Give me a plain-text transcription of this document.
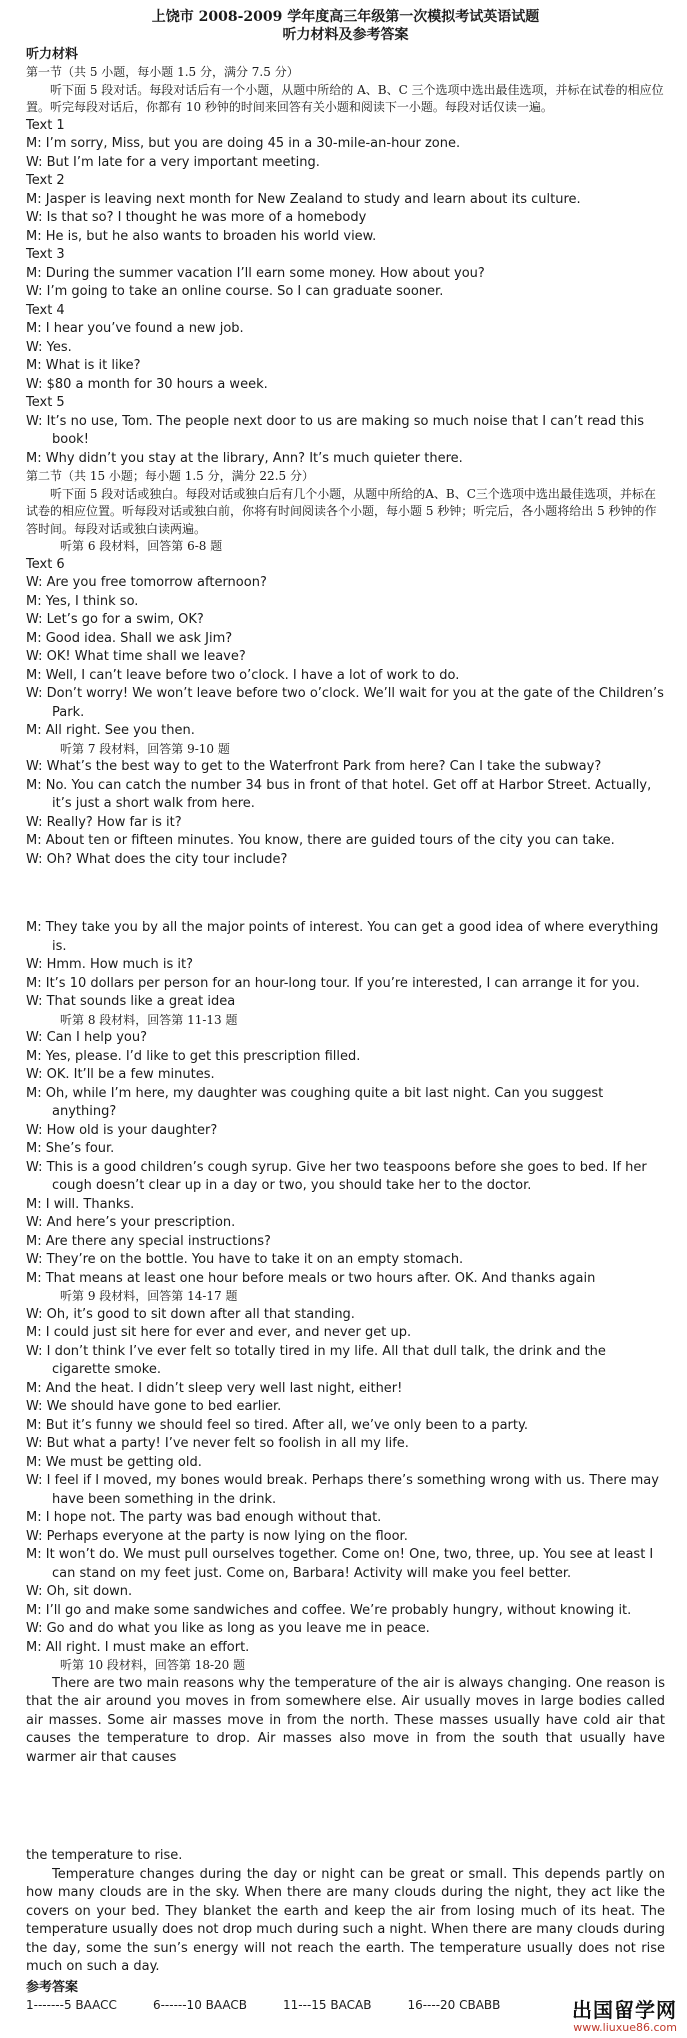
上饶市 2008-2009 学年度高三年级第一次模拟考试英语试题

听力材料及参考答案

听力材料

第一节（共 5 小题，每小题 1.5 分，满分 7.5 分）

听下面 5 段对话。每段对话后有一个小题，从题中所给的 A、B、C 三个选项中选出最佳选项，并标在试卷的相应位置。听完每段对话后，你都有 10 秒钟的时间来回答有关小题和阅读下一小题。每段对话仅读一遍。

Text 1

M: I’m sorry, Miss, but you are doing 45 in a 30-mile-an-hour zone.

W: But I’m late for a very important meeting.

Text 2

M: Jasper is leaving next month for New Zealand to study and learn about its culture.

W: Is that so? I thought he was more of a homebody

M: He is, but he also wants to broaden his world view.

Text 3

M: During the summer vacation I’ll earn some money. How about you?

W: I’m going to take an online course. So I can graduate sooner.

Text 4

M: I hear you’ve found a new job.

W: Yes.

M: What is it like?

W: $80 a month for 30 hours a week.

Text 5

W: It’s no use, Tom. The people next door to us are making so much noise that I can’t read this book!

M: Why didn’t you stay at the library, Ann? It’s much quieter there.

第二节（共 15 小题；每小题 1.5 分，满分 22.5 分）

听下面 5 段对话或独白。每段对话或独白后有几个小题，从题中所给的A、B、C三个选项中选出最佳选项，并标在试卷的相应位置。听每段对话或独白前，你将有时间阅读各个小题，每小题 5 秒钟；听完后，各小题将给出 5 秒钟的作答时间。每段对话或独白读两遍。

听第 6 段材料，回答第 6-8 题

Text 6

W: Are you free tomorrow afternoon?

M: Yes, I think so.

W: Let’s go for a swim, OK?

M: Good idea. Shall we ask Jim?

W: OK! What time shall we leave?

M: Well, I can’t leave before two o’clock. I have a lot of work to do.

W: Don’t worry! We won’t leave before two o’clock. We’ll wait for you at the gate of the Children’s Park.

M: All right. See you then.

听第 7 段材料，回答第 9-10 题

W: What’s the best way to get to the Waterfront Park from here? Can I take the subway?

M: No. You can catch the number 34 bus in front of that hotel. Get off at Harbor Street. Actually, it’s just a short walk from here.

W: Really? How far is it?

M: About ten or fifteen minutes. You know, there are guided tours of the city you can take.

W: Oh? What does the city tour include?

M: They take you by all the major points of interest. You can get a good idea of where everything is.

W: Hmm. How much is it?

M: It’s 10 dollars per person for an hour-long tour. If you’re interested, I can arrange it for you.

W: That sounds like a great idea

听第 8 段材料，回答第 11-13 题

W: Can I help you?

M: Yes, please. I’d like to get this prescription filled.

W: OK. It’ll be a few minutes.

M: Oh, while I’m here, my daughter was coughing quite a bit last night. Can you suggest anything?

W: How old is your daughter?

M: She’s four.

W: This is a good children’s cough syrup. Give her two teaspoons before she goes to bed. If her cough doesn’t clear up in a day or two, you should take her to the doctor.

M: I will. Thanks.

W: And here’s your prescription.

M: Are there any special instructions?

W: They’re on the bottle. You have to take it on an empty stomach.

M: That means at least one hour before meals or two hours after. OK. And thanks again

听第 9 段材料，回答第 14-17 题

W: Oh, it’s good to sit down after all that standing.

M: I could just sit here for ever and ever, and never get up.

W: I don’t think I’ve ever felt so totally tired in my life. All that dull talk, the drink and the cigarette smoke.

M: And the heat. I didn’t sleep very well last night, either!

W: We should have gone to bed earlier.

M: But it’s funny we should feel so tired. After all, we’ve only been to a party.

W: But what a party! I’ve never felt so foolish in all my life.

M: We must be getting old.

W: I feel if I moved, my bones would break. Perhaps there’s something wrong with us. There may have been something in the drink.

M: I hope not. The party was bad enough without that.

W: Perhaps everyone at the party is now lying on the floor.

M: It won’t do. We must pull ourselves together. Come on! One, two, three, up. You see at least I can stand on my feet just. Come on, Barbara! Activity will make you feel better.

W: Oh, sit down.

M: I’ll go and make some sandwiches and coffee. We’re probably hungry, without knowing it.

W: Go and do what you like as long as you leave me in peace.

M: All right. I must make an effort.

听第 10 段材料，回答第 18-20 题

There are two main reasons why the temperature of the air is always changing. One reason is that the air around you moves in from somewhere else. Air usually moves in large bodies called air masses. Some air masses move in from the north. These masses usually have cold air that causes the temperature to drop. Air masses also move in from the south that usually have warmer air that causes

the temperature to rise.

Temperature changes during the day or night can be great or small. This depends partly on how many clouds are in the sky. When there are many clouds during the night, they act like the covers on your bed. They blanket the earth and keep the air from losing much of its heat. The temperature usually does not drop much during such a night. When there are many clouds during the day, some the sun’s energy will not reach the earth. The temperature usually does not rise much on such a day.

参考答案

1-------5 BAACC	6------10 BAACB	11---15 BACAB	16----20 CBABB	出国留学网
www.liuxue86.com
